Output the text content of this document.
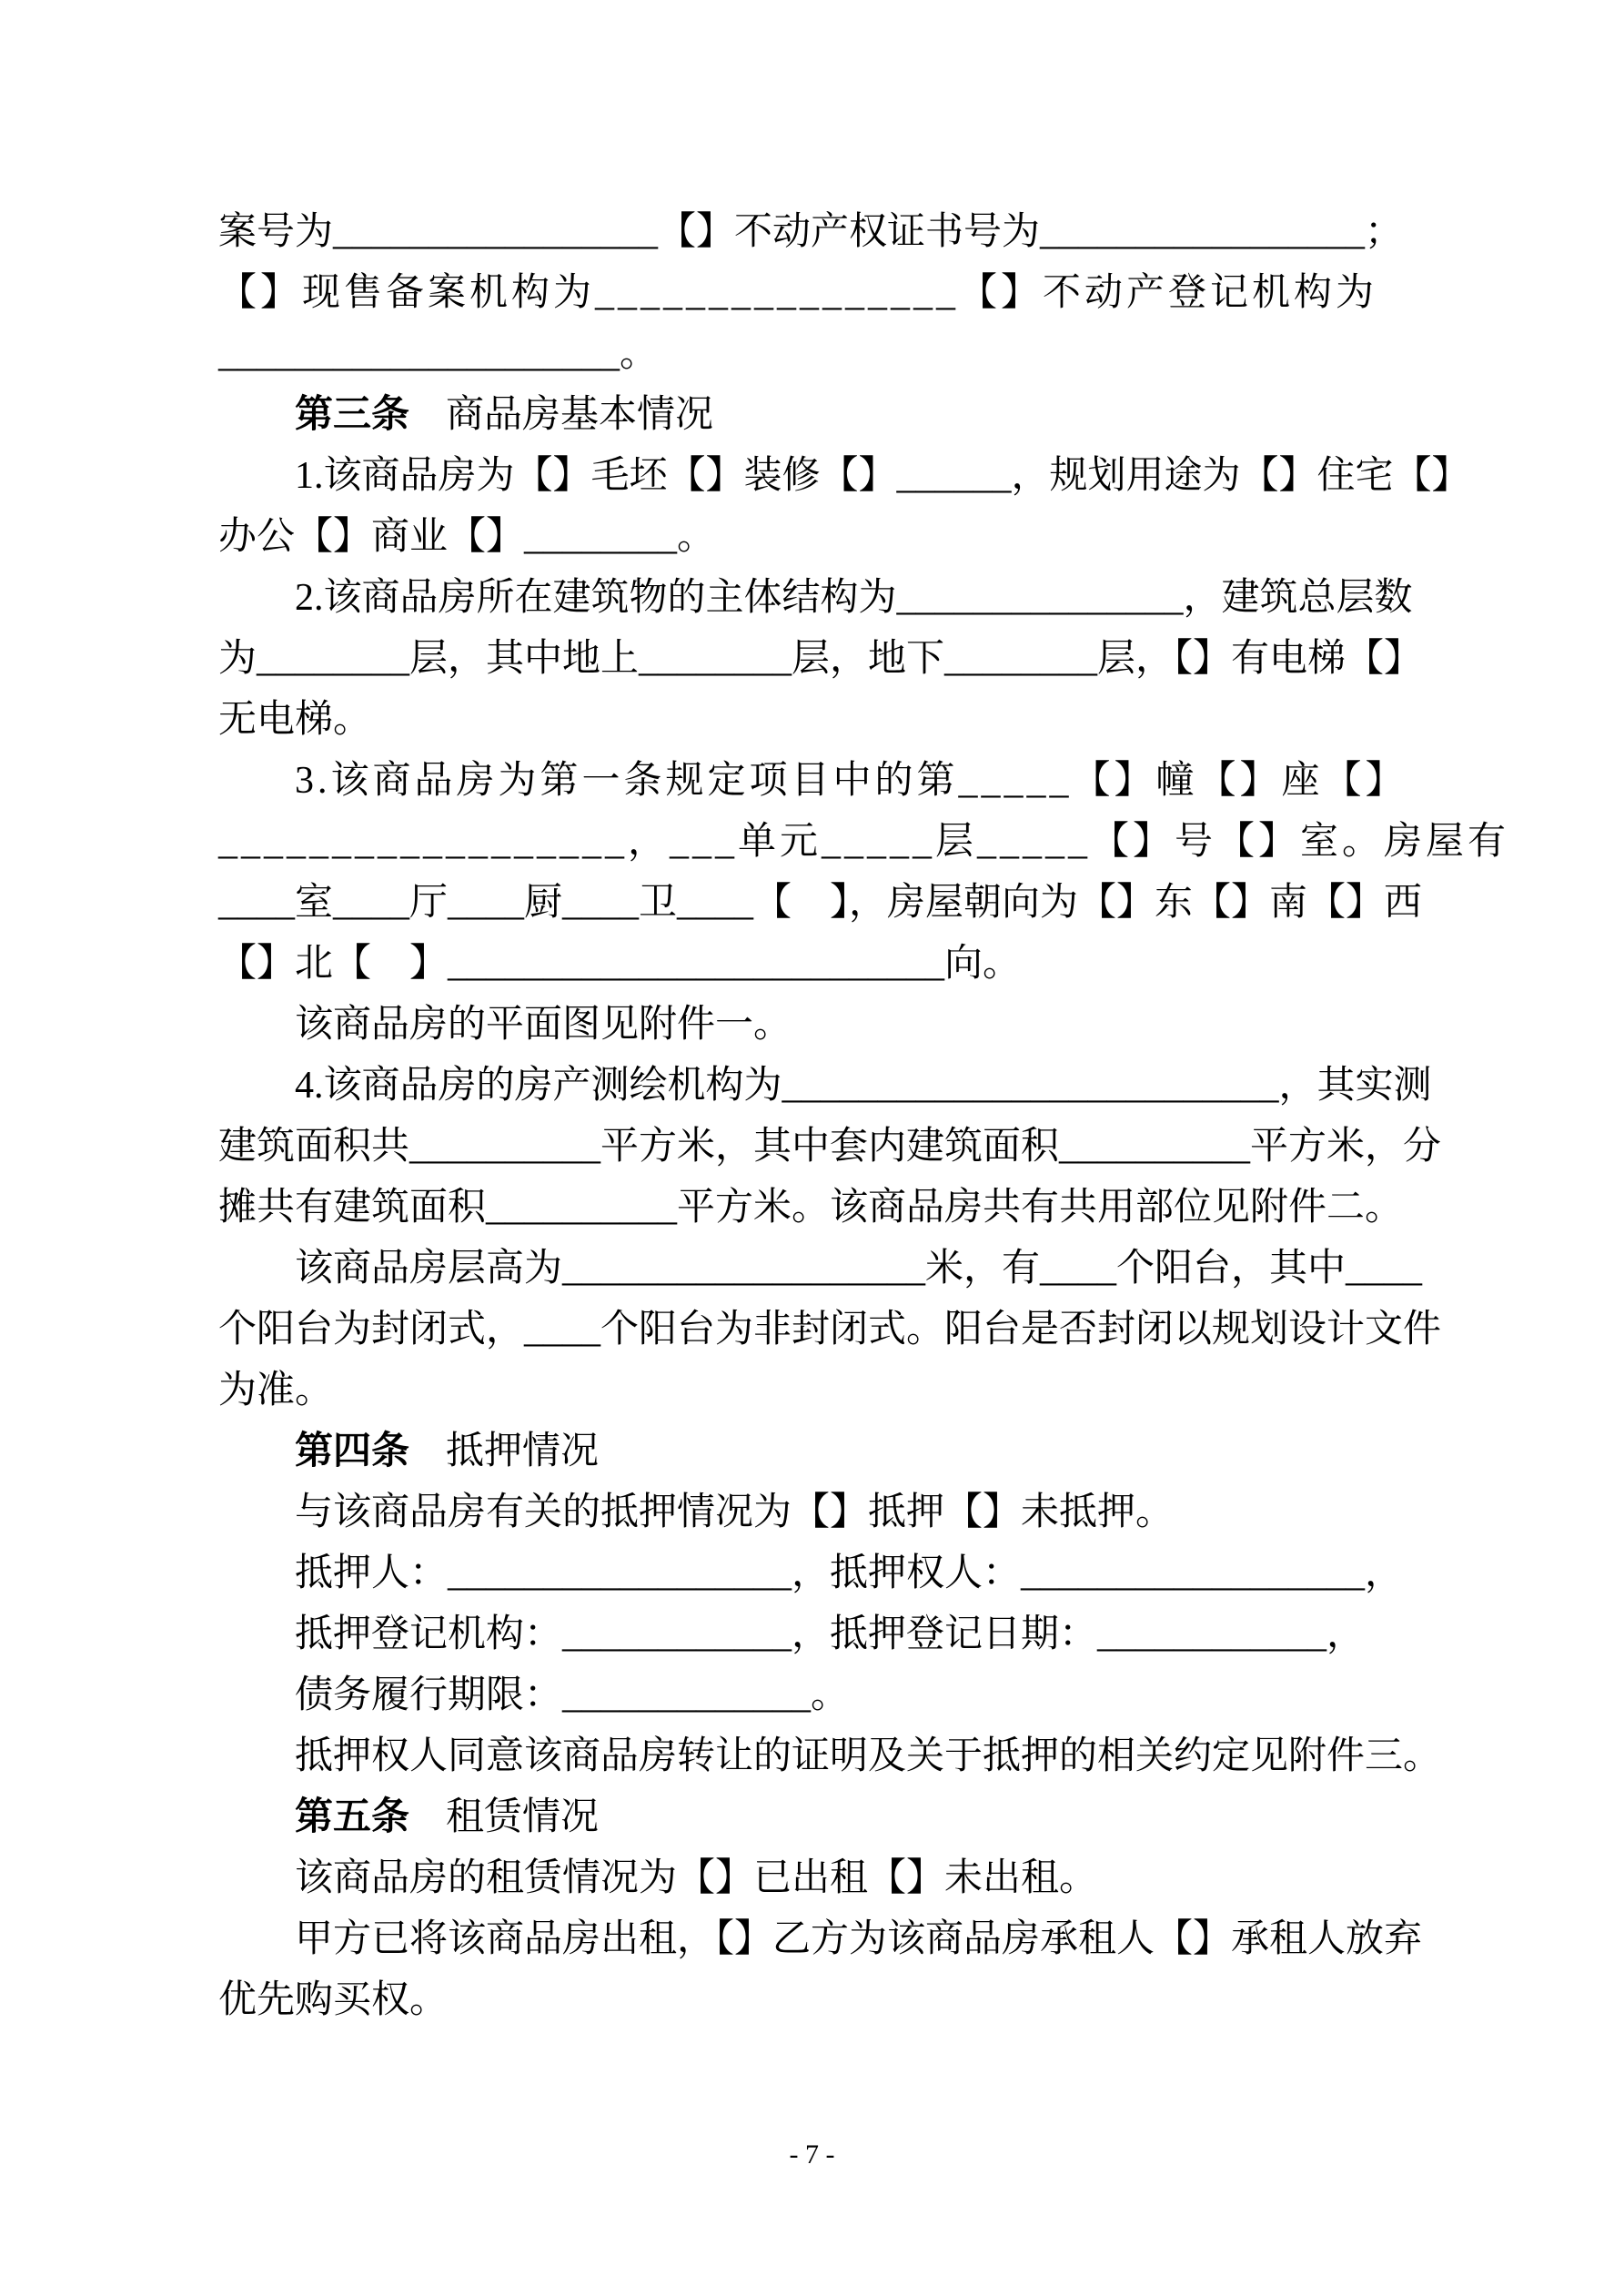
案号为_________________【】不动产权证书号为_________________；
【】现售备案机构为________________【】不动产登记机构为
_____________________。
第三条 商品房基本情况
1.该商品房为【】毛坯【】装修【】______，规划用途为【】住宅【】
办公【】商业【】________。
2.该商品房所在建筑物的主体结构为_______________，建筑总层数
为________层，其中地上________层，地下________层，【】有电梯【】
无电梯。
3.该商品房为第一条规定项目中的第_____【】幢【】座【】
__________________，___单元_____层_____【】号【】室。房屋有
____室____厅____厨____卫____【　】，房屋朝向为【】东【】南【】西
【】北【　】__________________________向。
该商品房的平面图见附件一。
4.该商品房的房产测绘机构为__________________________，其实测
建筑面积共__________平方米，其中套内建筑面积__________平方米，分
摊共有建筑面积__________平方米。该商品房共有共用部位见附件二。
该商品房层高为___________________米，有____个阳台，其中____
个阳台为封闭式，____个阳台为非封闭式。阳台是否封闭以规划设计文件
为准。
第四条 抵押情况
与该商品房有关的抵押情况为【】抵押【】未抵押。
抵押人：__________________，抵押权人：__________________，
抵押登记机构：____________，抵押登记日期：____________，
债务履行期限：_____________。
抵押权人同意该商品房转让的证明及关于抵押的相关约定见附件三。
第五条 租赁情况
该商品房的租赁情况为【】已出租【】未出租。
甲方已将该商品房出租，【】乙方为该商品房承租人【】承租人放弃
优先购买权。
- 7 -
